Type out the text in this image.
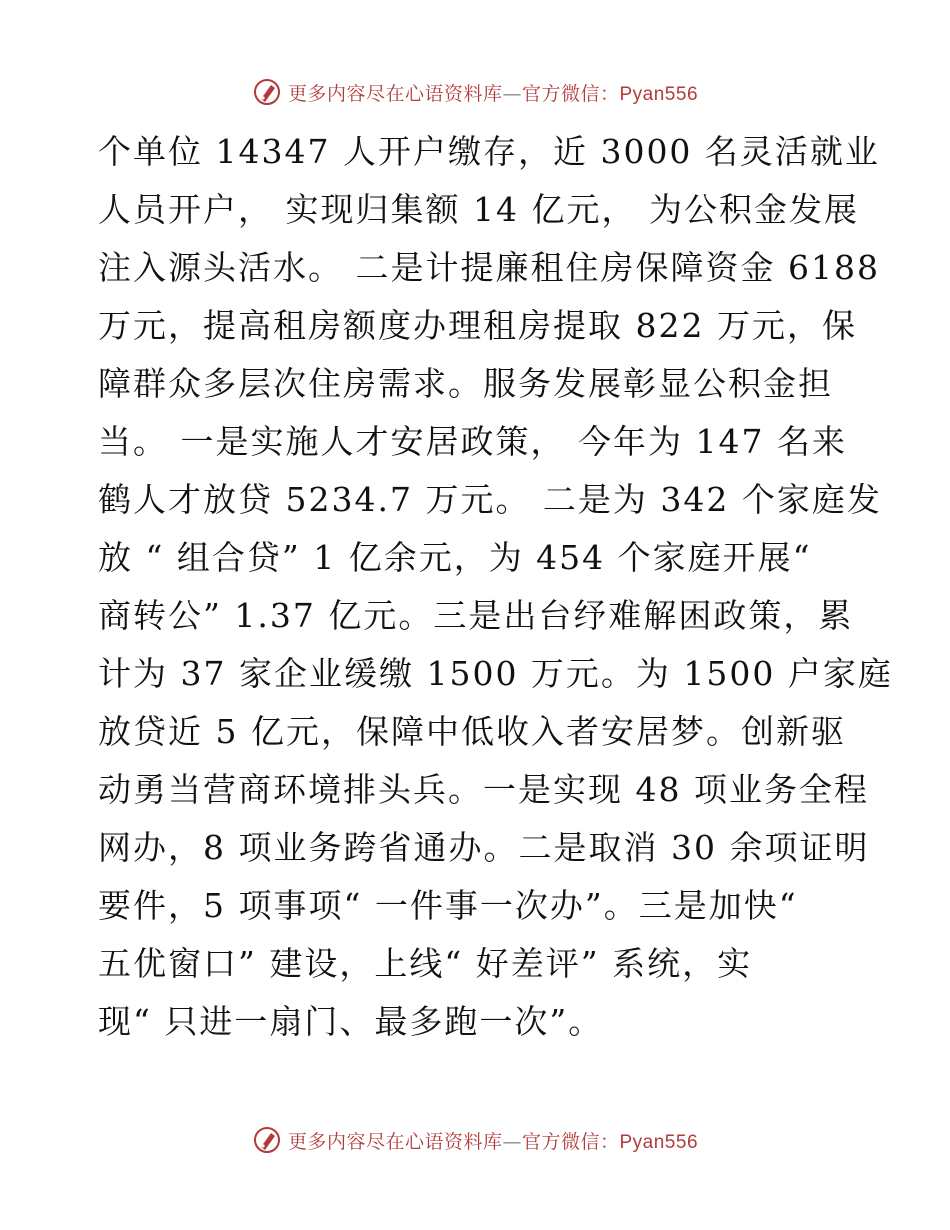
更多内容尽在心语资料库—官方微信：Pyan556
个单位 14347 人开户缴存，近 3000 名灵活就业
人员开户， 实现归集额 14 亿元， 为公积金发展
注入源头活水。 二是计提廉租住房保障资金 6188
万元，提高租房额度办理租房提取 822 万元，保
障群众多层次住房需求。服务发展彰显公积金担
当。 一是实施人才安居政策， 今年为 147 名来
鹤人才放贷 5234.7 万元。 二是为 342 个家庭发
放 “ 组合贷” 1 亿余元，为 454 个家庭开展“
商转公” 1.37 亿元。三是出台纾难解困政策，累
计为 37 家企业缓缴 1500 万元。为 1500 户家庭
放贷近 5 亿元，保障中低收入者安居梦。创新驱
动勇当营商环境排头兵。一是实现 48 项业务全程
网办，8 项业务跨省通办。二是取消 30 余项证明
要件，5 项事项“ 一件事一次办”。三是加快“
五优窗口” 建设，上线“ 好差评” 系统，实
现“ 只进一扇门、最多跑一次”。
更多内容尽在心语资料库—官方微信：Pyan556
